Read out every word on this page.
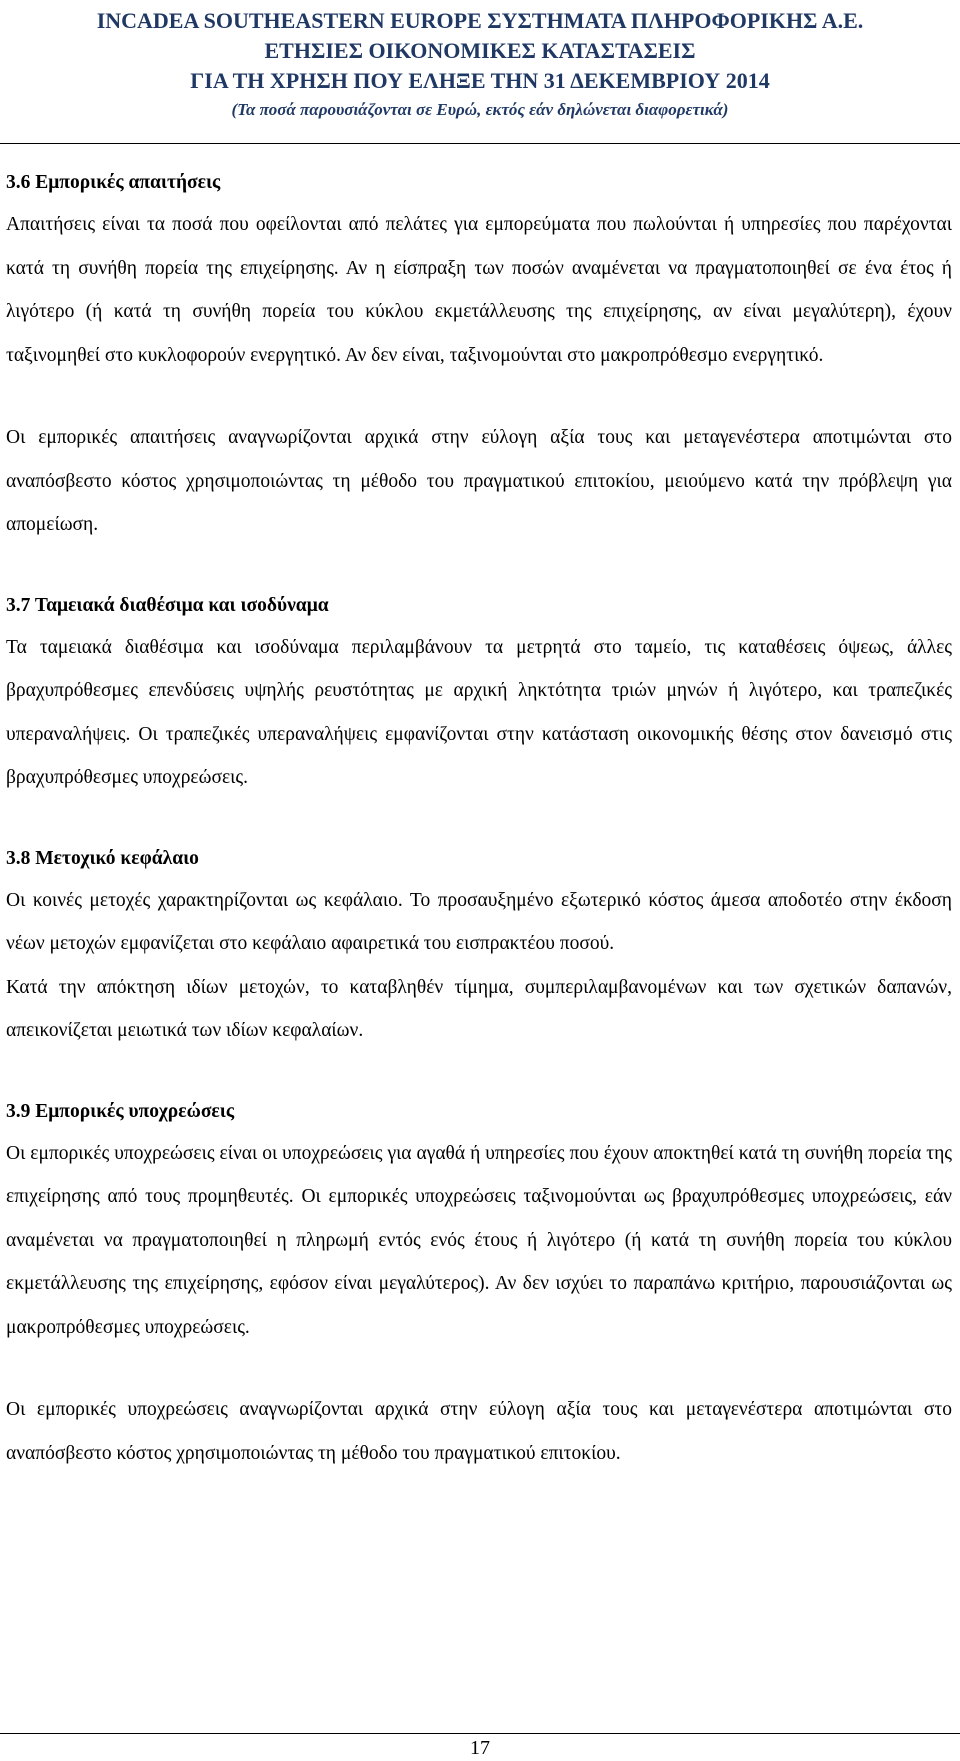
INCADEA SOUTHEASTERN EUROPE ΣΥΣΤΗΜΑΤΑ ΠΛΗΡΟΦΟΡΙΚΗΣ Α.Ε.
ΕΤΗΣΙΕΣ ΟΙΚΟΝΟΜΙΚΕΣ ΚΑΤΑΣΤΑΣΕΙΣ
ΓΙΑ ΤΗ ΧΡΗΣΗ ΠΟΥ ΕΛΗΞΕ ΤΗΝ 31 ΔΕΚΕΜΒΡΙΟΥ 2014
(Τα ποσά παρουσιάζονται σε Ευρώ, εκτός εάν δηλώνεται διαφορετικά)
3.6 Εμπορικές απαιτήσεις

Απαιτήσεις είναι τα ποσά που οφείλονται από πελάτες για εμπορεύματα που πωλούνται ή υπηρεσίες που παρέχονται κατά τη συνήθη πορεία της επιχείρησης. Αν η είσπραξη των ποσών αναμένεται να πραγματοποιηθεί σε ένα έτος ή λιγότερο (ή κατά τη συνήθη πορεία του κύκλου εκμετάλλευσης της επιχείρησης, αν είναι μεγαλύτερη), έχουν ταξινομηθεί στο κυκλοφορούν ενεργητικό. Αν δεν είναι, ταξινομούνται στο μακροπρόθεσμο ενεργητικό.

Οι εμπορικές απαιτήσεις αναγνωρίζονται αρχικά στην εύλογη αξία τους και μεταγενέστερα αποτιμώνται στο αναπόσβεστο κόστος χρησιμοποιώντας τη μέθοδο του πραγματικού επιτοκίου, μειούμενο κατά την πρόβλεψη για απομείωση.

3.7 Ταμειακά διαθέσιμα και ισοδύναμα

Τα ταμειακά διαθέσιμα και ισοδύναμα περιλαμβάνουν τα μετρητά στο ταμείο, τις καταθέσεις όψεως, άλλες βραχυπρόθεσμες επενδύσεις υψηλής ρευστότητας με αρχική ληκτότητα τριών μηνών ή λιγότερο, και τραπεζικές υπεραναλήψεις. Οι τραπεζικές υπεραναλήψεις εμφανίζονται στην κατάσταση οικονομικής θέσης στον δανεισμό στις βραχυπρόθεσμες υποχρεώσεις.

3.8 Μετοχικό κεφάλαιο

Οι κοινές μετοχές χαρακτηρίζονται ως κεφάλαιο. Το προσαυξημένο εξωτερικό κόστος άμεσα αποδοτέο στην έκδοση νέων μετοχών εμφανίζεται στο κεφάλαιο αφαιρετικά του εισπρακτέου ποσού.

Κατά την απόκτηση ιδίων μετοχών, το καταβληθέν τίμημα, συμπεριλαμβανομένων και των σχετικών δαπανών, απεικονίζεται μειωτικά των ιδίων κεφαλαίων.

3.9 Εμπορικές υποχρεώσεις

Οι εμπορικές υποχρεώσεις είναι οι υποχρεώσεις για αγαθά ή υπηρεσίες που έχουν αποκτηθεί κατά τη συνήθη πορεία της επιχείρησης από τους προμηθευτές. Οι εμπορικές υποχρεώσεις ταξινομούνται ως βραχυπρόθεσμες υποχρεώσεις, εάν αναμένεται να πραγματοποιηθεί η πληρωμή εντός ενός έτους ή λιγότερο (ή κατά τη συνήθη πορεία του κύκλου εκμετάλλευσης της επιχείρησης, εφόσον είναι μεγαλύτερος). Αν δεν ισχύει το παραπάνω κριτήριο, παρουσιάζονται ως μακροπρόθεσμες υποχρεώσεις.

Οι εμπορικές υποχρεώσεις αναγνωρίζονται αρχικά στην εύλογη αξία τους και μεταγενέστερα αποτιμώνται στο αναπόσβεστο κόστος χρησιμοποιώντας τη μέθοδο του πραγματικού επιτοκίου.

17
